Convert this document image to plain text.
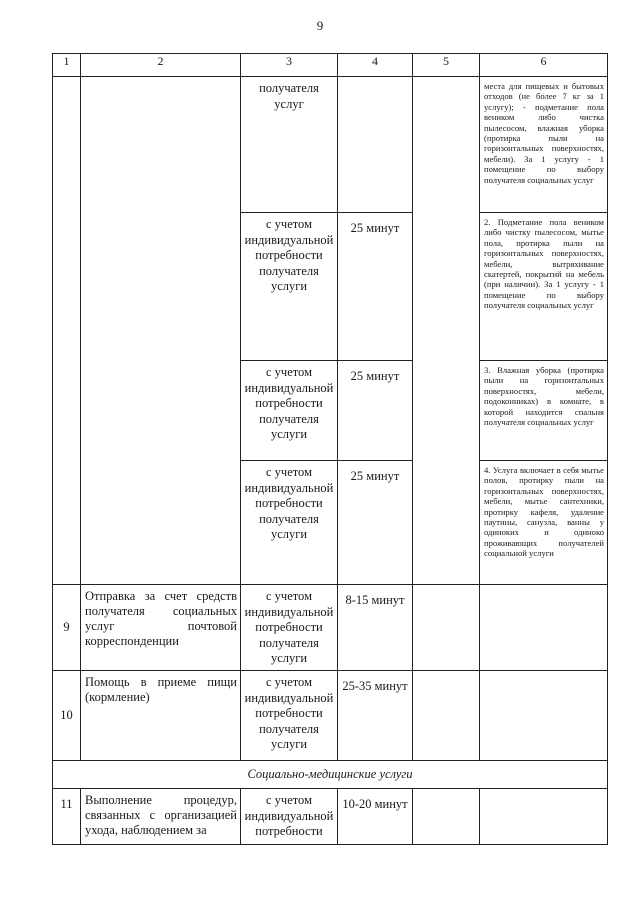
9
1	2	3	4	5	6
		получателя услуг			места для пищевых и бытовых отходов (не более 7 кг за 1 услугу); - подметание пола веником либо чистка пылесосом, влажная уборка (протирка пыли на горизонтальных поверхностях, мебели). За 1 услугу - 1 помещение по выбору получателя социальных услуг
		с учетом индивидуальной потребности получателя услуги	25 минут		2. Подметание пола веником либо чистку пылесосом, мытье пола, протирка пыли на горизонтальных поверхностях, мебели, вытряхивание скатертей, покрытий на мебель (при наличии). За 1 услугу - 1 помещение по выбору получателя социальных услуг
		с учетом индивидуальной потребности получателя услуги	25 минут		3. Влажная уборка (протирка пыли на горизонтальных поверхностях, мебели, подоконниках) в комнате, в которой находится спальня получателя социальных услуг
		с учетом индивидуальной потребности получателя услуги	25 минут		4. Услуга включает в себя мытье полов, протирку пыли на горизонтальных поверхностях, мебели, мытье сантехники, протирку кафеля, удаление паутины, санузла, ванны у одиноких и одиноко проживающих получателей социальной услуги
9	Отправка за счет средств получателя социальных услуг почтовой корреспонденции	с учетом индивидуальной потребности получателя услуги	8-15 минут		
10	Помощь в приеме пищи (кормление)	с учетом индивидуальной потребности получателя услуги	25-35 минут		
Социально-медицинские услуги					
11	Выполнение процедур, связанных с организацией ухода, наблюдением за	с учетом индивидуальной потребности	10-20 минут		
